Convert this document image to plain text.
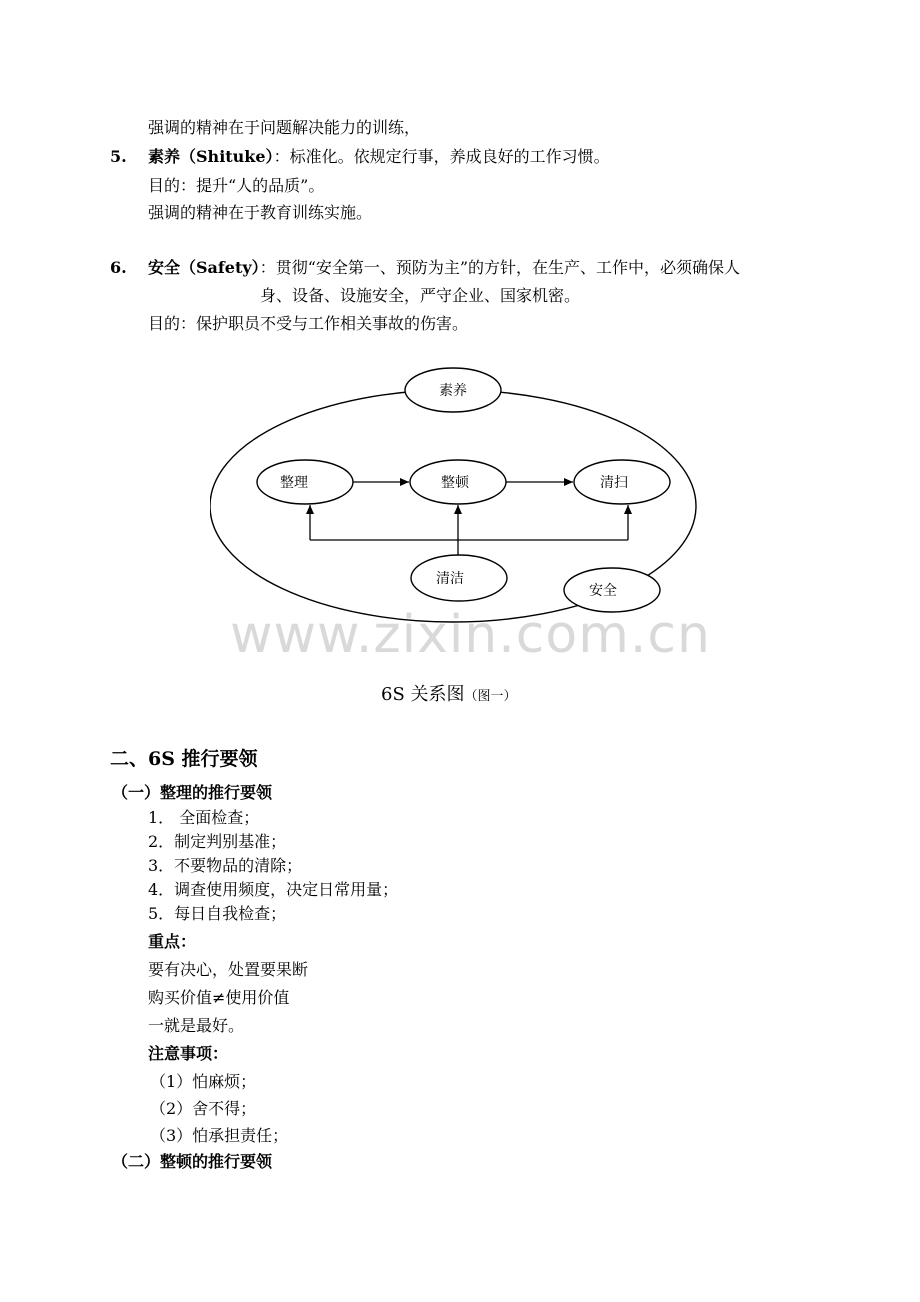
强调的精神在于问题解决能力的训练，
5. 素养（Shituke）：标准化。依规定行事，养成良好的工作习惯。
目的：提升“人的品质”。
强调的精神在于教育训练实施。
6. 安全（Safety）：贯彻“安全第一、预防为主”的方针，在生产、工作中，必须确保人
身、设备、设施安全，严守企业、国家机密。
目的：保护职员不受与工作相关事故的伤害。
素养
整理	整顿	清扫
清洁
安全
www.zixin.com.cn
6S 关系图（图一）
二、6S 推行要领
（一）整理的推行要领
1． 全面检查；
2．制定判别基准；
3．不要物品的清除；
4．调查使用频度，决定日常用量；
5．每日自我检查；
重点：
要有决心，处置要果断
购买价值≠使用价值
一就是最好。
注意事项：
（1）怕麻烦；
（2）舍不得；
（3）怕承担责任；
（二）整顿的推行要领
